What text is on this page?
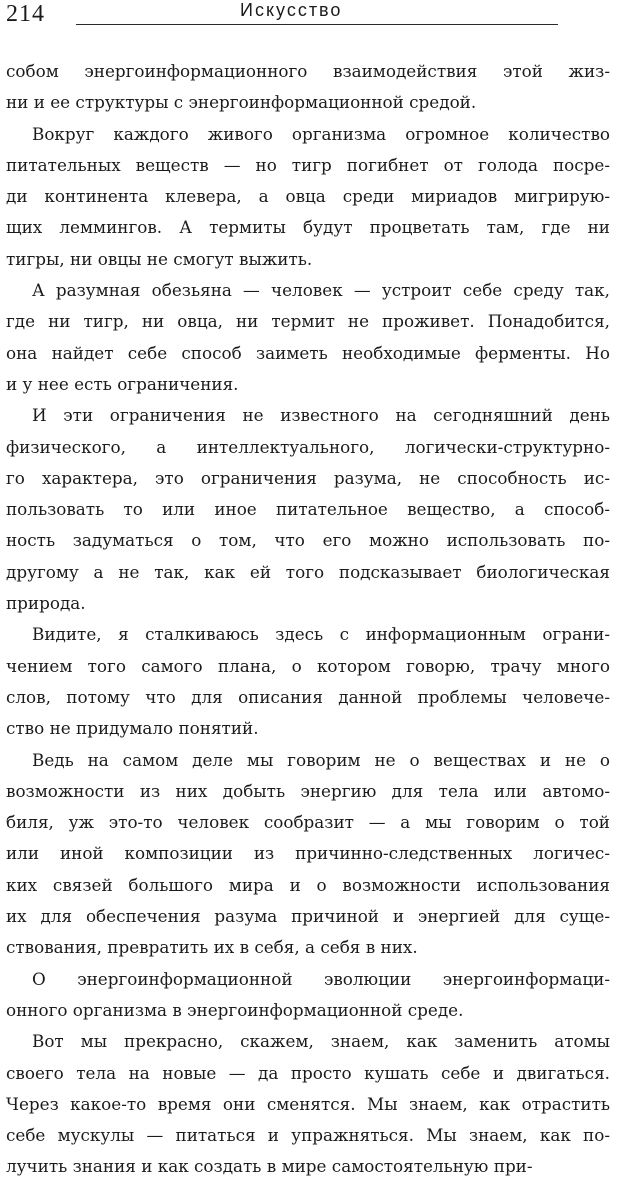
214	Искусство
собом энергоинформационного взаимодействия этой жиз-
ни и ее структуры с энергоинформационной средой.
Вокруг каждого живого организма огромное количество
питательных веществ — но тигр погибнет от голода посре-
ди континента клевера, а овца среди мириадов мигрирую-
щих леммингов. А термиты будут процветать там, где ни
тигры, ни овцы не смогут выжить.
А разумная обезьяна — человек — устроит себе среду так,
где ни тигр, ни овца, ни термит не проживет. Понадобится,
она найдет себе способ заиметь необходимые ферменты. Но
и у нее есть ограничения.
И эти ограничения не известного на сегодняшний день
физического, а интеллектуального, логически-структурно-
го характера, это ограничения разума, не способность ис-
пользовать то или иное питательное вещество, а способ-
ность задуматься о том, что его можно использовать по-
другому а не так, как ей того подсказывает биологическая
природа.
Видите, я сталкиваюсь здесь с информационным ограни-
чением того самого плана, о котором говорю, трачу много
слов, потому что для описания данной проблемы человече-
ство не придумало понятий.
Ведь на самом деле мы говорим не о веществах и не о
возможности из них добыть энергию для тела или автомо-
биля, уж это-то человек сообразит — а мы говорим о той
или иной композиции из причинно-следственных логичес-
ких связей большого мира и о возможности использования
их для обеспечения разума причиной и энергией для суще-
ствования, превратить их в себя, а себя в них.
О энергоинформационной эволюции энергоинформаци-
онного организма в энергоинформационной среде.
Вот мы прекрасно, скажем, знаем, как заменить атомы
своего тела на новые — да просто кушать себе и двигаться.
Через какое-то время они сменятся. Мы знаем, как отрастить
себе мускулы — питаться и упражняться. Мы знаем, как по-
лучить знания и как создать в мире самостоятельную при-
